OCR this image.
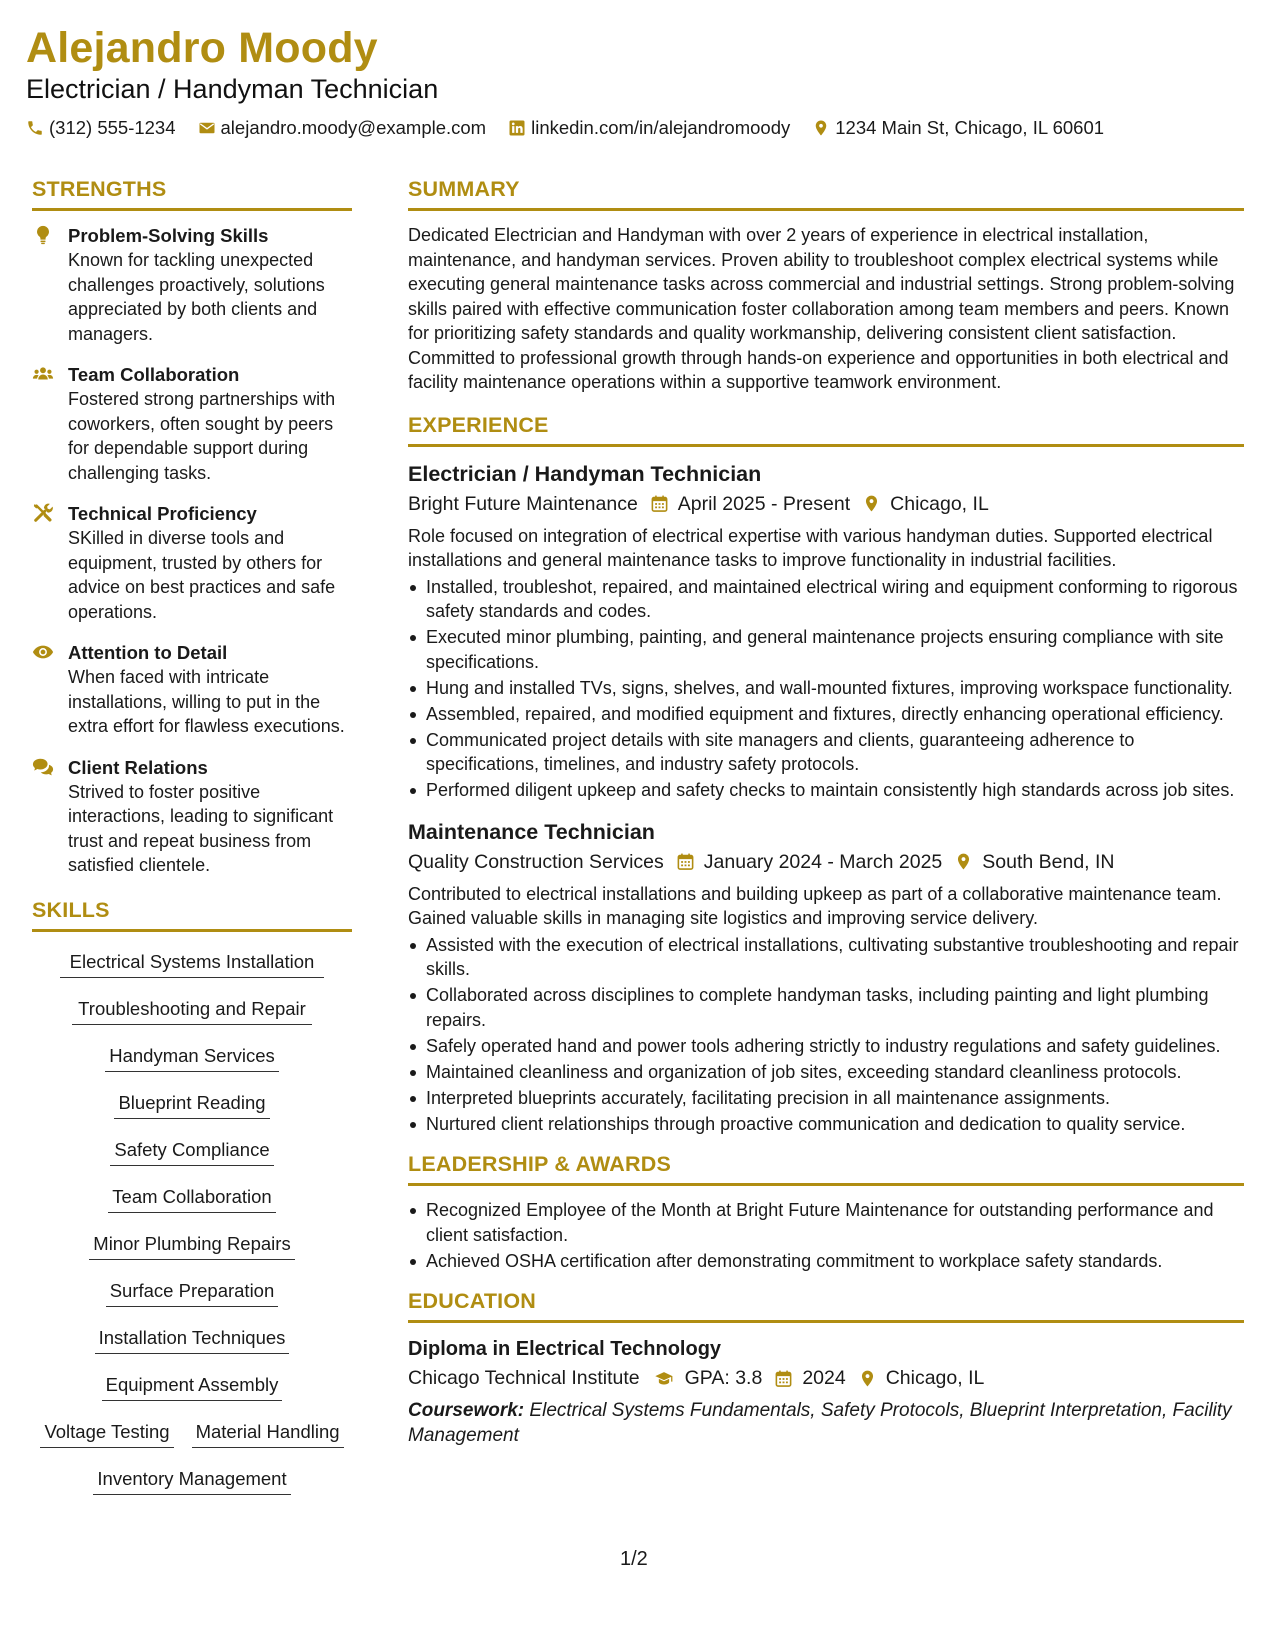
Alejandro Moody
Electrician / Handyman Technician
(312) 555-1234 alejandro.moody@example.com linkedin.com/in/alejandromoody 1234 Main St, Chicago, IL 60601
STRENGTHS
Problem-Solving Skills
Known for tackling unexpected challenges proactively, solutions appreciated by both clients and managers.
Team Collaboration
Fostered strong partnerships with coworkers, often sought by peers for dependable support during challenging tasks.
Technical Proficiency
SKilled in diverse tools and equipment, trusted by others for advice on best practices and safe operations.
Attention to Detail
When faced with intricate installations, willing to put in the extra effort for flawless executions.
Client Relations
Strived to foster positive interactions, leading to significant trust and repeat business from satisfied clientele.
SKILLS
Electrical Systems Installation
Troubleshooting and Repair
Handyman Services
Blueprint Reading
Safety Compliance
Team Collaboration
Minor Plumbing Repairs
Surface Preparation
Installation Techniques
Equipment Assembly
Voltage Testing Material Handling
Inventory Management
SUMMARY
Dedicated Electrician and Handyman with over 2 years of experience in electrical installation, maintenance, and handyman services. Proven ability to troubleshoot complex electrical systems while executing general maintenance tasks across commercial and industrial settings. Strong problem-solving skills paired with effective communication foster collaboration among team members and peers. Known for prioritizing safety standards and quality workmanship, delivering consistent client satisfaction. Committed to professional growth through hands-on experience and opportunities in both electrical and facility maintenance operations within a supportive teamwork environment.
EXPERIENCE
Electrician / Handyman Technician
Bright Future Maintenance April 2025 - Present Chicago, IL
Role focused on integration of electrical expertise with various handyman duties. Supported electrical installations and general maintenance tasks to improve functionality in industrial facilities.
Installed, troubleshot, repaired, and maintained electrical wiring and equipment conforming to rigorous safety standards and codes.
Executed minor plumbing, painting, and general maintenance projects ensuring compliance with site specifications.
Hung and installed TVs, signs, shelves, and wall-mounted fixtures, improving workspace functionality.
Assembled, repaired, and modified equipment and fixtures, directly enhancing operational efficiency.
Communicated project details with site managers and clients, guaranteeing adherence to specifications, timelines, and industry safety protocols.
Performed diligent upkeep and safety checks to maintain consistently high standards across job sites.
Maintenance Technician
Quality Construction Services January 2024 - March 2025 South Bend, IN
Contributed to electrical installations and building upkeep as part of a collaborative maintenance team. Gained valuable skills in managing site logistics and improving service delivery.
Assisted with the execution of electrical installations, cultivating substantive troubleshooting and repair skills.
Collaborated across disciplines to complete handyman tasks, including painting and light plumbing repairs.
Safely operated hand and power tools adhering strictly to industry regulations and safety guidelines.
Maintained cleanliness and organization of job sites, exceeding standard cleanliness protocols.
Interpreted blueprints accurately, facilitating precision in all maintenance assignments.
Nurtured client relationships through proactive communication and dedication to quality service.
LEADERSHIP & AWARDS
Recognized Employee of the Month at Bright Future Maintenance for outstanding performance and client satisfaction.
Achieved OSHA certification after demonstrating commitment to workplace safety standards.
EDUCATION
Diploma in Electrical Technology
Chicago Technical Institute GPA: 3.8 2024 Chicago, IL
Coursework: Electrical Systems Fundamentals, Safety Protocols, Blueprint Interpretation, Facility Management
1/2
